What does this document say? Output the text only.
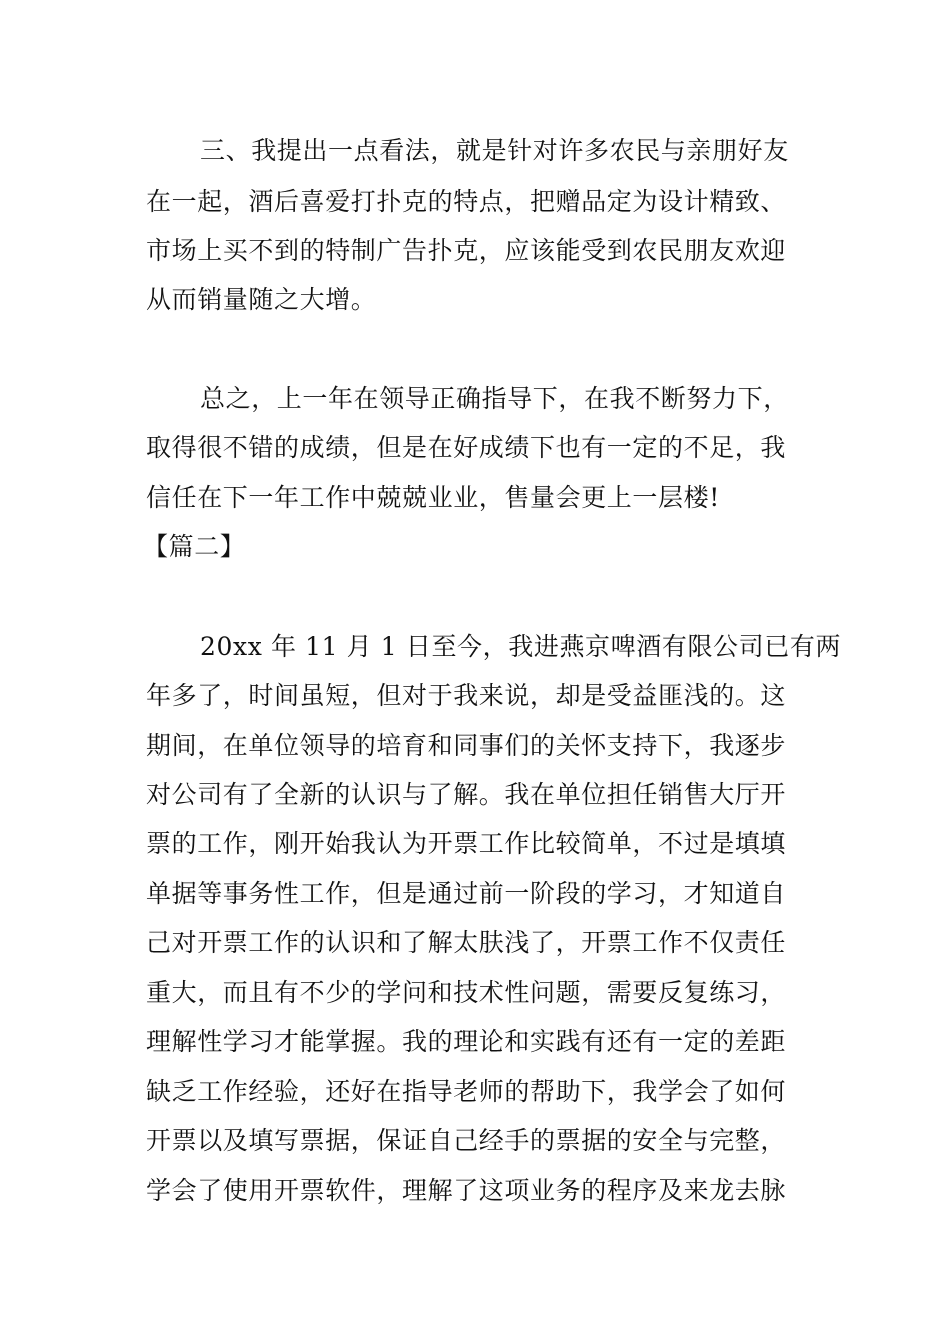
三、我提出一点看法，就是针对许多农民与亲朋好友
在一起，酒后喜爱打扑克的特点，把赠品定为设计精致、
市场上买不到的特制广告扑克，应该能受到农民朋友欢迎
从而销量随之大增。
总之，上一年在领导正确指导下，在我不断努力下，
取得很不错的成绩，但是在好成绩下也有一定的不足，我
信任在下一年工作中兢兢业业，售量会更上一层楼!
【篇二】
20xx 年 11 月 1 日至今，我进燕京啤酒有限公司已有两
年多了，时间虽短，但对于我来说，却是受益匪浅的。这
期间，在单位领导的培育和同事们的关怀支持下，我逐步
对公司有了全新的认识与了解。我在单位担任销售大厅开
票的工作，刚开始我认为开票工作比较简单，不过是填填
单据等事务性工作，但是通过前一阶段的学习，才知道自
己对开票工作的认识和了解太肤浅了，开票工作不仅责任
重大，而且有不少的学问和技术性问题，需要反复练习，
理解性学习才能掌握。我的理论和实践有还有一定的差距
缺乏工作经验，还好在指导老师的帮助下，我学会了如何
开票以及填写票据，保证自己经手的票据的安全与完整，
学会了使用开票软件，理解了这项业务的程序及来龙去脉
